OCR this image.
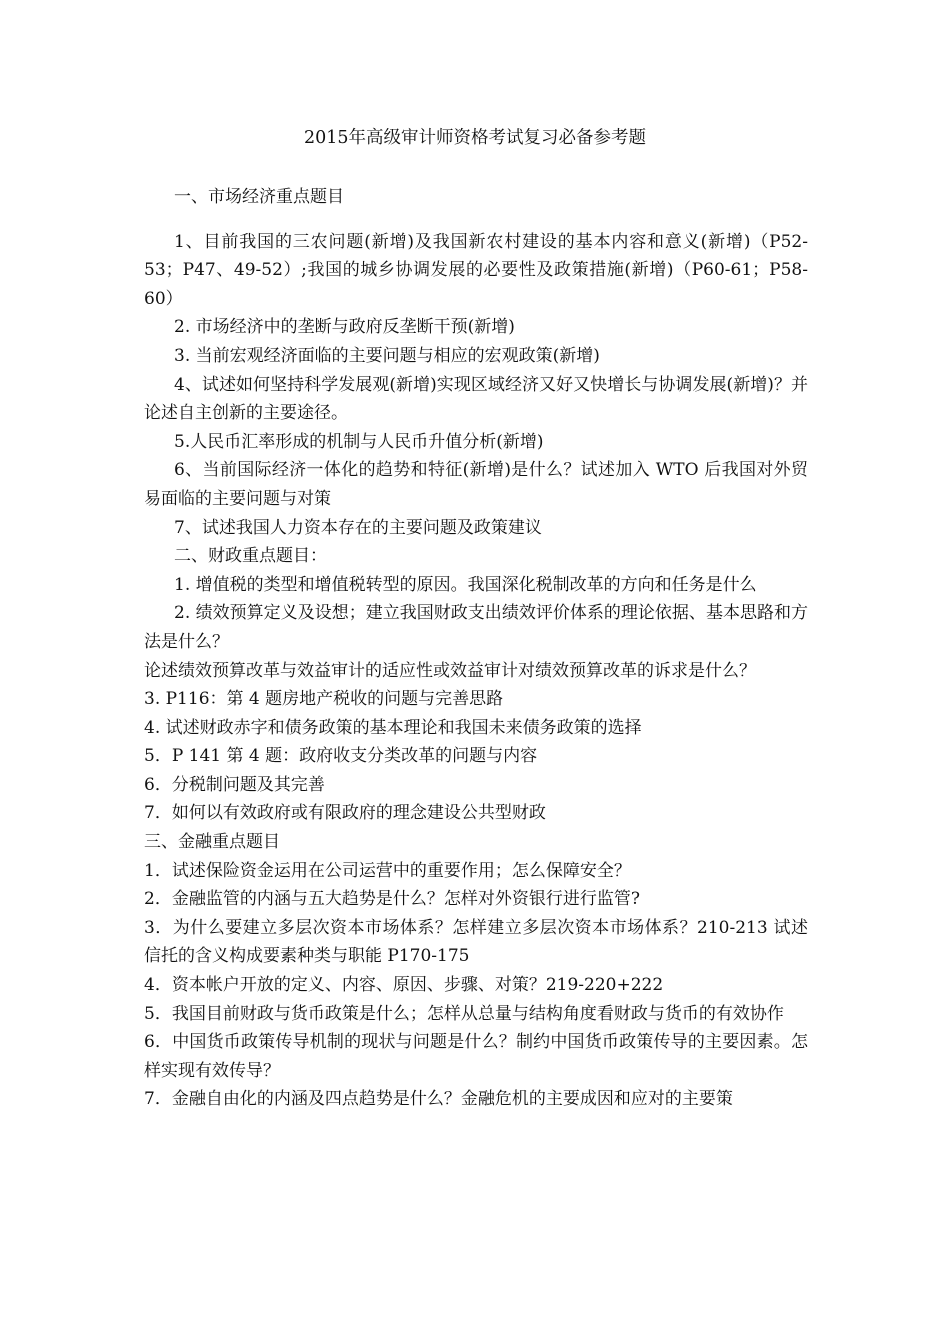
2015年高级审计师资格考试复习必备参考题

一、市场经济重点题目

1、目前我国的三农问题(新增)及我国新农村建设的基本内容和意义(新增)（P52-53；P47、49-52）;我国的城乡协调发展的必要性及政策措施(新增)（P60-61；P58-60）

2. 市场经济中的垄断与政府反垄断干预(新增)

3. 当前宏观经济面临的主要问题与相应的宏观政策(新增)

4、试述如何坚持科学发展观(新增)实现区域经济又好又快增长与协调发展(新增)？并论述自主创新的主要途径。

5.人民币汇率形成的机制与人民币升值分析(新增)

6、当前国际经济一体化的趋势和特征(新增)是什么？试述加入 WTO 后我国对外贸易面临的主要问题与对策

7、试述我国人力资本存在的主要问题及政策建议

二、财政重点题目：

1. 增值税的类型和增值税转型的原因。我国深化税制改革的方向和任务是什么

2. 绩效预算定义及设想；建立我国财政支出绩效评价体系的理论依据、基本思路和方法是什么？

论述绩效预算改革与效益审计的适应性或效益审计对绩效预算改革的诉求是什么？

3. P116：第 4 题房地产税收的问题与完善思路

4. 试述财政赤字和债务政策的基本理论和我国未来债务政策的选择

5．P 141 第 4 题：政府收支分类改革的问题与内容

6．分税制问题及其完善

7．如何以有效政府或有限政府的理念建设公共型财政

三、金融重点题目

1．试述保险资金运用在公司运营中的重要作用；怎么保障安全？

2．金融监管的内涵与五大趋势是什么？怎样对外资银行进行监管?

3．为什么要建立多层次资本市场体系？怎样建立多层次资本市场体系？210-213 试述信托的含义构成要素种类与职能 P170-175

4．资本帐户开放的定义、内容、原因、步骤、对策？219-220+222

5．我国目前财政与货币政策是什么；怎样从总量与结构角度看财政与货币的有效协作

6．中国货币政策传导机制的现状与问题是什么？制约中国货币政策传导的主要因素。怎样实现有效传导？

7．金融自由化的内涵及四点趋势是什么？金融危机的主要成因和应对的主要策
